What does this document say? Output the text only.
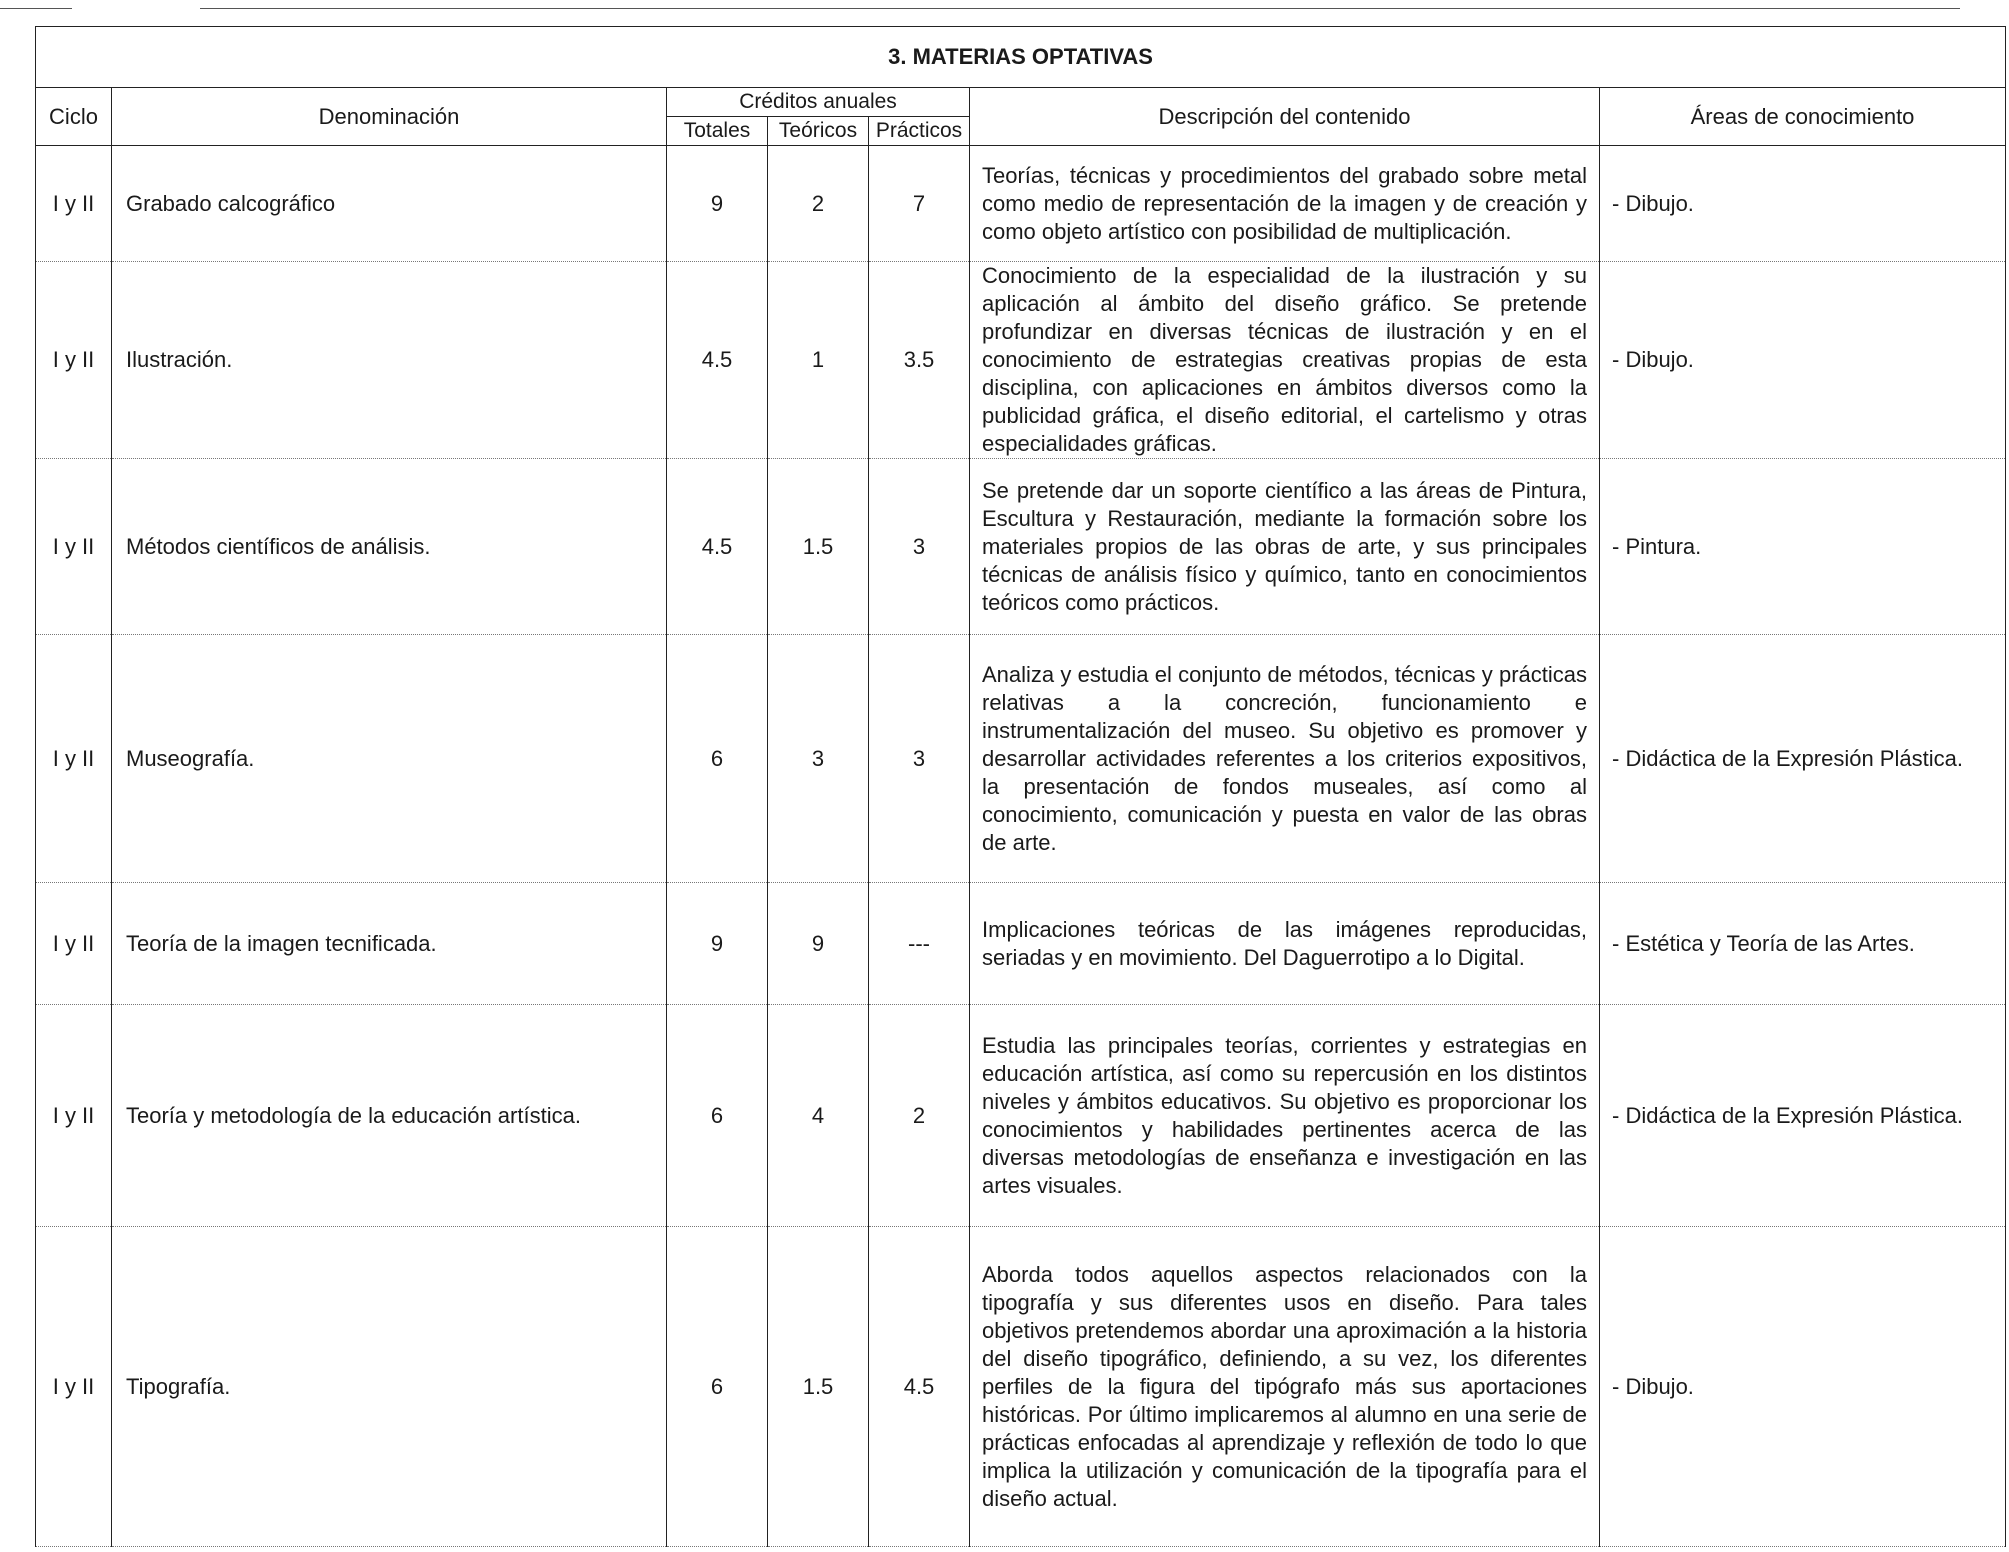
3. MATERIAS OPTATIVAS						
Ciclo	Denominación	Créditos anuales			Descripción del contenido	Áreas de conocimiento
		Totales	Teóricos	Prácticos		
I y II	Grabado calcográfico	9	2	7	Teorías, técnicas y procedimientos del grabado sobre metal como medio de representación de la imagen y de creación y como objeto artístico con posibilidad de multiplicación.	- Dibujo.
I y II	Ilustración.	4.5	1	3.5	Conocimiento de la especialidad de la ilustración y su aplicación al ámbito del diseño gráfico. Se pretende profundizar en diversas técnicas de ilustración y en el conocimiento de estrategias creativas propias de esta disciplina, con aplicaciones en ámbitos diversos como la publicidad gráfica, el diseño editorial, el cartelismo y otras especialidades gráficas.	- Dibujo.
I y II	Métodos científicos de análisis.	4.5	1.5	3	Se pretende dar un soporte científico a las áreas de Pintura, Escultura y Restauración, mediante la formación sobre los materiales propios de las obras de arte, y sus principales técnicas de análisis físico y químico, tanto en conocimientos teóricos como prácticos.	- Pintura.
I y II	Museografía.	6	3	3	Analiza y estudia el conjunto de métodos, técnicas y prácticas relativas a la concreción, funcionamiento e instrumentalización del museo. Su objetivo es promover y desarrollar actividades referentes a los criterios expositivos, la presentación de fondos museales, así como al conocimiento, comunicación y puesta en valor de las obras de arte.	- Didáctica de la Expresión Plástica.
I y II	Teoría de la imagen tecnificada.	9	9	---	Implicaciones teóricas de las imágenes reproducidas, seriadas y en movimiento. Del Daguerrotipo a lo Digital.	- Estética y Teoría de las Artes.
I y II	Teoría y metodología de la educación artística.	6	4	2	Estudia las principales teorías, corrientes y estrategias en educación artística, así como su repercusión en los distintos niveles y ámbitos educativos. Su objetivo es proporcionar los conocimientos y habilidades pertinentes acerca de las diversas metodologías de enseñanza e investigación en las artes visuales.	- Didáctica de la Expresión Plástica.
I y II	Tipografía.	6	1.5	4.5	Aborda todos aquellos aspectos relacionados con la tipografía y sus diferentes usos en diseño. Para tales objetivos pretendemos abordar una aproximación a la historia del diseño tipográfico, definiendo, a su vez, los diferentes perfiles de la figura del tipógrafo más sus aportaciones históricas. Por último implicaremos al alumno en una serie de prácticas enfocadas al aprendizaje y reflexión de todo lo que implica la utilización y comunicación de la tipografía para el diseño actual.	- Dibujo.
